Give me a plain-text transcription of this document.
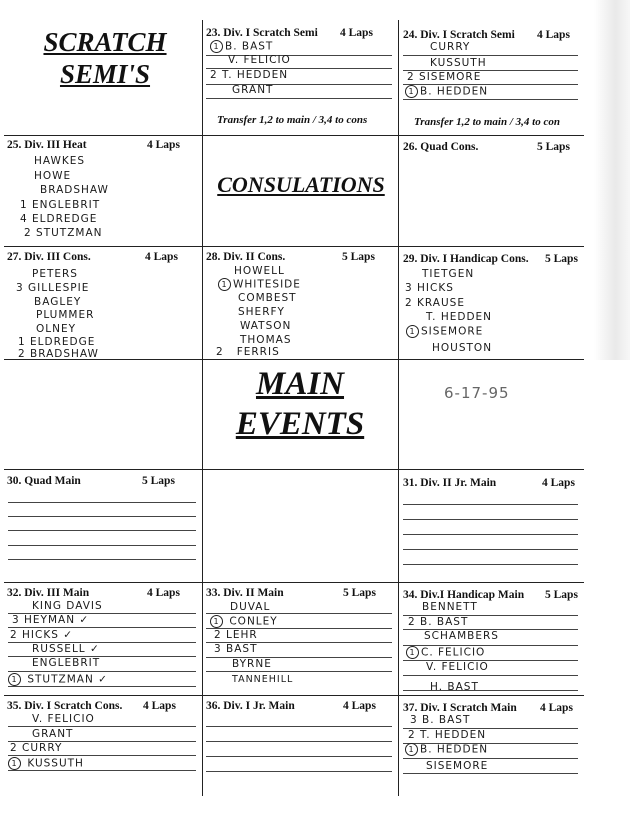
SCRATCH
SEMI'S
CONSULATIONS
MAIN
EVENTS
6-17-95
23. Div. I Scratch Semi 4 Laps
1 B. BAST
V. FELICIO
2 T. HEDDEN
GRANT
Transfer 1,2 to main / 3,4 to cons
24. Div. I Scratch Semi 4 Laps
CURRY
KUSSUTH
2 SISEMORE
1 B. HEDDEN
Transfer 1,2 to main / 3,4 to con
25. Div. III Heat	4 Laps
HAWKES
HOWE
BRADSHAW
1 ENGLEBRIT
4 ELDREDGE
2 STUTZMAN
26. Quad Cons.	5 Laps
27. Div. III Cons.	4 Laps
PETERS
3 GILLESPIE
BAGLEY
PLUMMER
OLNEY
1 ELDREDGE
2 BRADSHAW
28. Div. II Cons.	5 Laps
HOWELL
1 WHITESIDE
COMBEST
SHERFY
WATSON
THOMAS
2 FERRIS
29. Div. I Handicap Cons. 5 Laps
TIETGEN
3 HICKS
2 KRAUSE
T. HEDDEN
1 SISEMORE
HOUSTON
30. Quad Main	5 Laps	31. Div. II Jr. Main	4 Laps
32. Div. III Main	4 Laps
KING DAVIS
3 HEYMAN ✓
2 HICKS ✓
RUSSELL ✓
ENGLEBRIT
1 STUTZMAN ✓
33. Div. II Main	5 Laps
DUVAL
1 CONLEY
2 LEHR
3 BAST
BYRNE
TANNEHILL
34. Div.I Handicap Main 5 Laps
BENNETT
2 B. BAST
SCHAMBERS
1 C. FELICIO
V. FELICIO
H. BAST
35. Div. I Scratch Cons. 4 Laps
V. FELICIO
GRANT
2 CURRY
1 KUSSUTH
36. Div. I Jr. Main	4 Laps 37. Div. I Scratch Main 4 Laps
3 B. BAST
2 T. HEDDEN
1 B. HEDDEN
SISEMORE
